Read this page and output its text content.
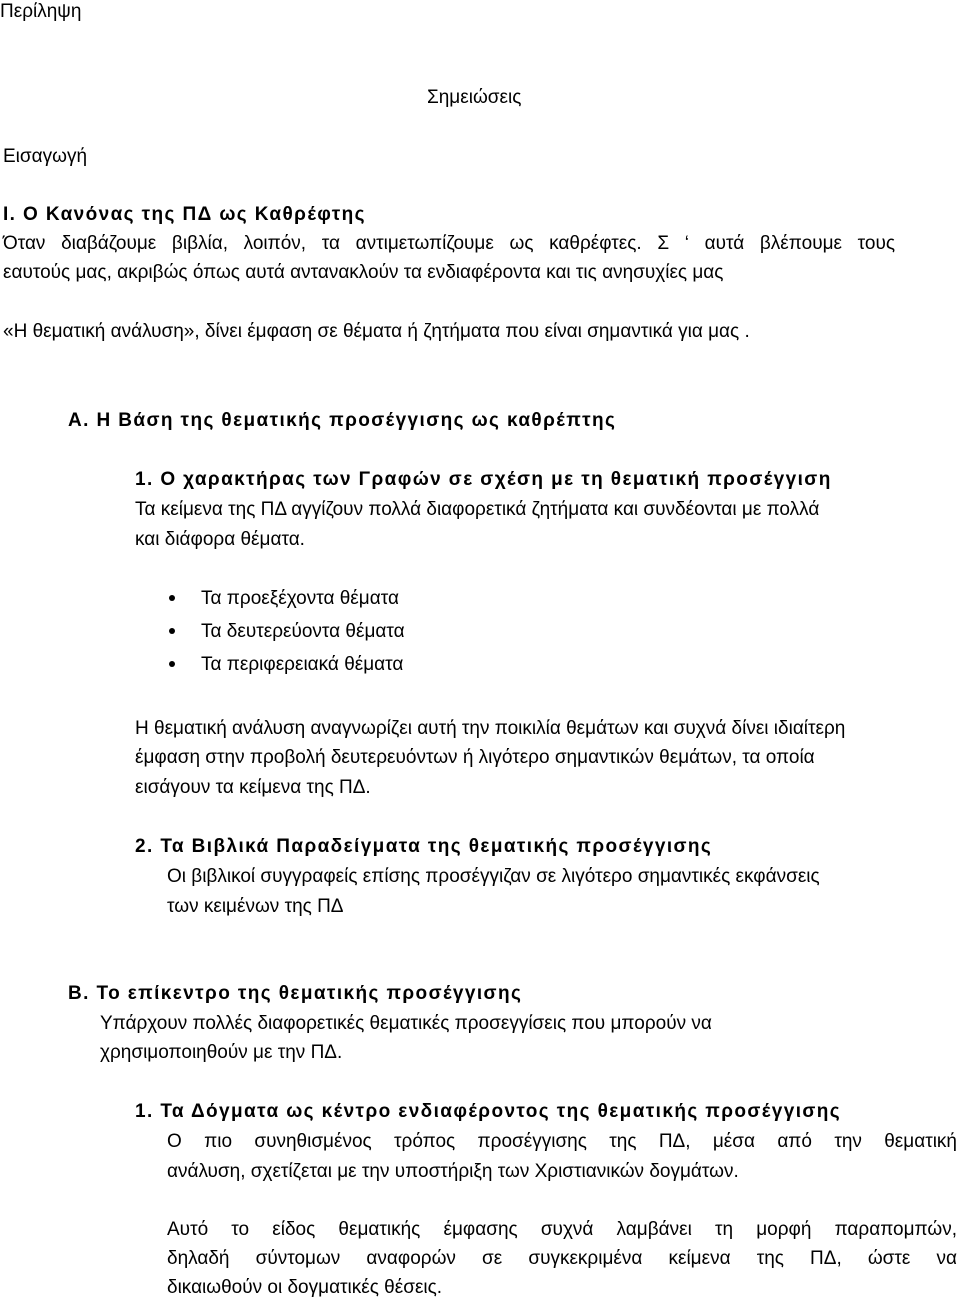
Περίληψη
Σημειώσεις
Εισαγωγή
I. Ο Κανόνας της ΠΔ ως Καθρέφτης
Όταν διαβάζουμε βιβλία, λοιπόν, τα αντιμετωπίζουμε ως καθρέφτες. Σ ‘ αυτά βλέπουμε τους
εαυτούς μας, ακριβώς όπως αυτά αντανακλούν τα ενδιαφέροντα και τις ανησυχίες μας
«Η θεματική ανάλυση», δίνει έμφαση σε θέματα ή ζητήματα που είναι σημαντικά για μας .
Α. Η Βάση της θεματικής προσέγγισης ως καθρέπτης
1. Ο χαρακτήρας των Γραφών σε σχέση με τη θεματική προσέγγιση
Τα κείμενα της ΠΔ αγγίζουν πολλά διαφορετικά ζητήματα και συνδέονται με πολλά
και διάφορα θέματα.
Τα προεξέχοντα θέματα
Τα δευτερεύοντα θέματα
Τα περιφερειακά θέματα
Η θεματική ανάλυση αναγνωρίζει αυτή την ποικιλία θεμάτων και συχνά δίνει ιδιαίτερη
έμφαση στην προβολή δευτερευόντων ή λιγότερο σημαντικών θεμάτων, τα οποία
εισάγουν τα κείμενα της ΠΔ.
2. Τα Βιβλικά Παραδείγματα της θεματικής προσέγγισης
Οι βιβλικοί συγγραφείς επίσης προσέγγιζαν σε λιγότερο σημαντικές εκφάνσεις
των κειμένων της ΠΔ
Β. Το επίκεντρο της θεματικής προσέγγισης
Υπάρχουν πολλές διαφορετικές θεματικές προσεγγίσεις που μπορούν να
χρησιμοποιηθούν με την ΠΔ.
1. Τα Δόγματα ως κέντρο ενδιαφέροντος της θεματικής προσέγγισης
Ο πιο συνηθισμένος τρόπος προσέγγισης της ΠΔ, μέσα από την θεματική
ανάλυση, σχετίζεται με την υποστήριξη των Χριστιανικών δογμάτων.
Αυτό το είδος θεματικής έμφασης συχνά λαμβάνει τη μορφή παραπομπών,
δηλαδή σύντομων αναφορών σε συγκεκριμένα κείμενα της ΠΔ, ώστε να
δικαιωθούν οι δογματικές θέσεις.
